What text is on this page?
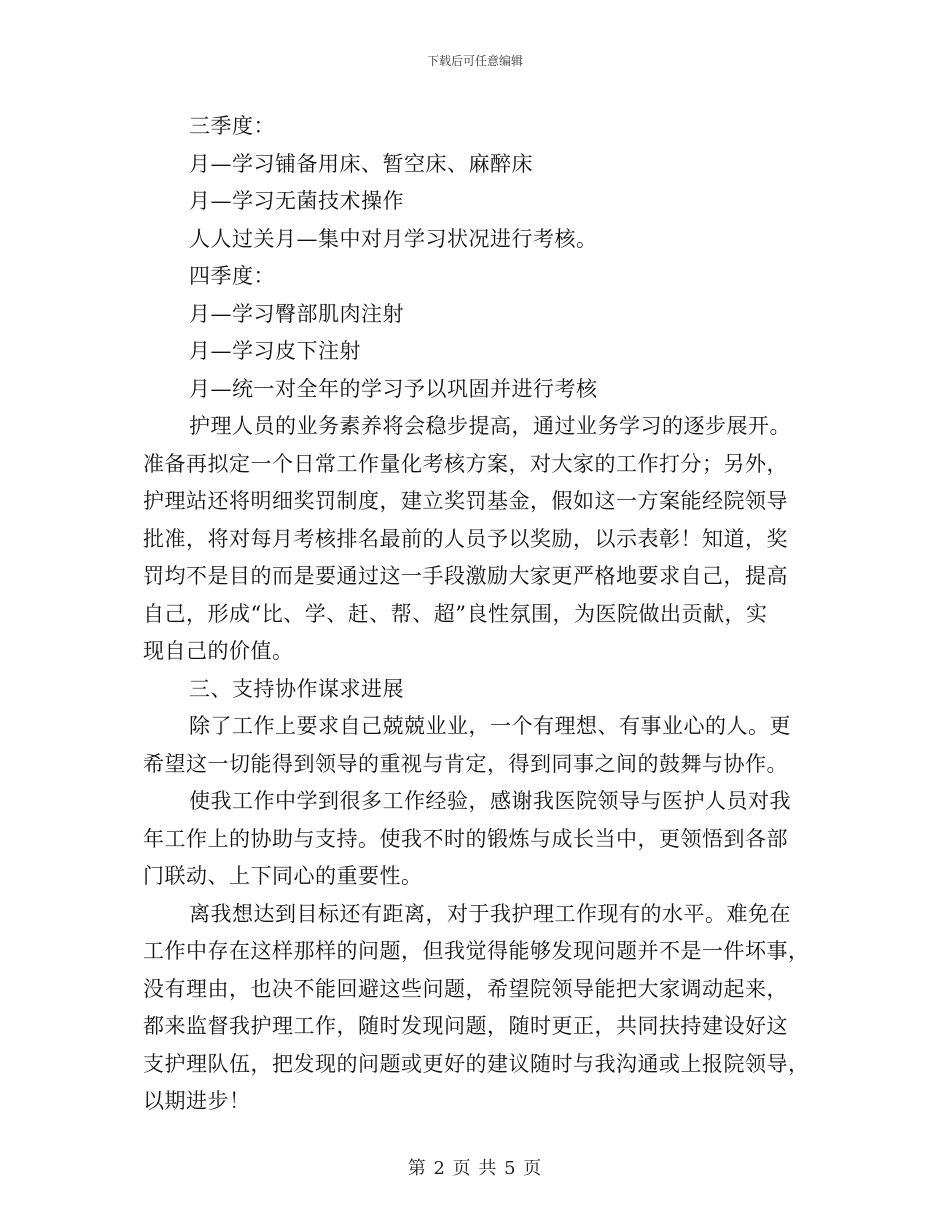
下载后可任意编辑
三季度：
月—学习铺备用床、暂空床、麻醉床
月—学习无菌技术操作
人人过关月—集中对月学习状况进行考核。
四季度：
月—学习臀部肌肉注射
月—学习皮下注射
月—统一对全年的学习予以巩固并进行考核
护理人员的业务素养将会稳步提高，通过业务学习的逐步展开。
准备再拟定一个日常工作量化考核方案，对大家的工作打分；另外，
护理站还将明细奖罚制度，建立奖罚基金，假如这一方案能经院领导
批准，将对每月考核排名最前的人员予以奖励，以示表彰！知道，奖
罚均不是目的而是要通过这一手段激励大家更严格地要求自己，提高
自己，形成“比、学、赶、帮、超”良性氛围，为医院做出贡献，实
现自己的价值。
三、支持协作谋求进展
除了工作上要求自己兢兢业业，一个有理想、有事业心的人。更
希望这一切能得到领导的重视与肯定，得到同事之间的鼓舞与协作。
使我工作中学到很多工作经验，感谢我医院领导与医护人员对我
年工作上的协助与支持。使我不时的锻炼与成长当中，更领悟到各部
门联动、上下同心的重要性。
离我想达到目标还有距离，对于我护理工作现有的水平。难免在
工作中存在这样那样的问题，但我觉得能够发现问题并不是一件坏事，
没有理由，也决不能回避这些问题，希望院领导能把大家调动起来，
都来监督我护理工作，随时发现问题，随时更正，共同扶持建设好这
支护理队伍，把发现的问题或更好的建议随时与我沟通或上报院领导，
以期进步！
第 2 页 共 5 页
